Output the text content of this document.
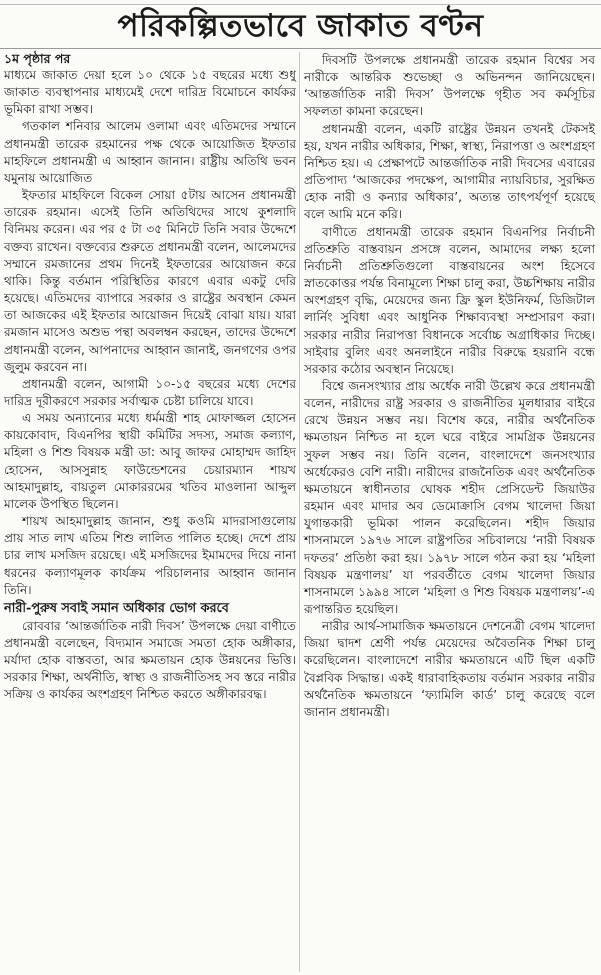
পরিকল্পিতভাবে জাকাত বণ্টন
১ম পৃষ্ঠার পর

মাধ্যমে জাকাত দেয়া হলে ১০ থেকে ১৫ বছরের মধ্যে শুধু জাকাত ব্যবস্থাপনার মাধ্যমেই দেশে দারিদ্র বিমোচনে কার্যকর ভূমিকা রাখা সম্ভব।

গতকাল শনিবার আলেম ওলামা এবং এতিমদের সম্মানে প্রধানমন্ত্রী তারেক রহমানের পক্ষ থেকে আয়োজিত ইফতার মাহফিলে প্রধানমন্ত্রী এ আহ্বান জানান। রাষ্ট্রীয় অতিথি ভবন যমুনায় আয়োজিত

ইফতার মাহফিলে বিকেল সোয়া ৫টায় আসেন প্রধানমন্ত্রী তারেক রহমান। এসেই তিনি অতিথিদের সাথে কুশলাদি বিনিময় করেন। এর পর ৫ টা ৩৫ মিনিটে তিনি সবার উদ্দেশে বক্তব্য রাখেন। বক্তব্যের শুরুতে প্রধানমন্ত্রী বলেন, আলেমদের সম্মানে রমজানের প্রথম দিনেই ইফতারের আয়োজন করে থাকি। কিন্তু বর্তমান পরিস্থিতির কারণে এবার একটু দেরি হয়েছে। এতিমদের ব্যাপারে সরকার ও রাষ্ট্রের অবস্থান কেমন তা আজকের এই ইফতার আয়োজন দিয়েই বোঝা যায়। যারা রমজান মাসেও অশুভ পন্থা অবলম্বন করছেন, তাদের উদ্দেশে প্রধানমন্ত্রী বলেন, আপনাদের আহ্বান জানাই, জনগণের ওপর জুলুম করবেন না।

প্রধানমন্ত্রী বলেন, আগামী ১০-১৫ বছরের মধ্যে দেশের দারিদ্র দূরীকরণে সরকার সর্বাত্মক চেষ্টা চালিয়ে যাবে।

এ সময় অন্যান্যের মধ্যে ধর্মমন্ত্রী শাহ মোফাজ্জল হোসেন কায়কোবাদ, বিএনপির স্থায়ী কমিটির সদস্য, সমাজ কল্যাণ, মহিলা ও শিশু বিষয়ক মন্ত্রী ডা: আবু জাফর মোহাম্মদ জাহিদ হোসেন, আসসুন্নাহ ফাউন্ডেশনের চেয়ারম্যান শায়খ আহমাদুল্লাহ, বায়তুল মোকাররমের খতিব মাওলানা আব্দুল মালেক উপস্থিত ছিলেন।

শায়খ আহমাদুল্লাহ জানান, শুধু কওমি মাদরাসাগুলোয় প্রায় সাত লাখ এতিম শিশু লালিত পালিত হচ্ছে। দেশে প্রায় চার লাখ মসজিদ রয়েছে। এই মসজিদের ইমামদের দিয়ে নানা ধরনের কল্যাণমূলক কার্যক্রম পরিচালনার আহ্বান জানান তিনি।

নারী-পুরুষ সবাই সমান অধিকার ভোগ করবে

রোববার ‘আন্তর্জাতিক নারী দিবস’ উপলক্ষে দেয়া বাণীতে প্রধানমন্ত্রী বলেছেন, বিদ্যমান সমাজে সমতা হোক অঙ্গীকার, মর্যাদা হোক বাস্তবতা, আর ক্ষমতায়ন হোক উন্নয়নের ভিত্তি। সরকার শিক্ষা, অর্থনীতি, স্বাস্থ্য ও রাজনীতিসহ সব স্তরে নারীর সক্রিয় ও কার্যকর অংশগ্রহণ নিশ্চিত করতে অঙ্গীকারবদ্ধ।

দিবসটি উপলক্ষে প্রধানমন্ত্রী তারেক রহমান বিশ্বের সব নারীকে আন্তরিক শুভেচ্ছা ও অভিনন্দন জানিয়েছেন। ‘আন্তর্জাতিক নারী দিবস’ উপলক্ষে গৃহীত সব কর্মসূচির সফলতা কামনা করেছেন।

প্রধানমন্ত্রী বলেন, একটি রাষ্ট্রের উন্নয়ন তখনই টেকসই হয়, যখন নারীর অধিকার, শিক্ষা, স্বাস্থ্য, নিরাপত্তা ও অংশগ্রহণ নিশ্চিত হয়। এ প্রেক্ষাপটে আন্তর্জাতিক নারী দিবসের এবারের প্রতিপাদ্য ‘আজকের পদক্ষেপ, আগামীর ন্যায়বিচার, সুরক্ষিত হোক নারী ও কন্যার অধিকার’, অত্যন্ত তাৎপর্যপূর্ণ হয়েছে বলে আমি মনে করি।

বাণীতে প্রধানমন্ত্রী তারেক রহমান বিএনপির নির্বাচনী প্রতিশ্রুতি বাস্তবায়ন প্রসঙ্গে বলেন, আমাদের লক্ষ্য হলো নির্বাচনী প্রতিশ্রুতিগুলো বাস্তবায়নের অংশ হিসেবে স্নাতকোত্তর পর্যন্ত বিনামূল্যে শিক্ষা চালু করা, উচ্চশিক্ষায় নারীর অংশগ্রহণ বৃদ্ধি, মেয়েদের জন্য ফ্রি স্কুল ইউনিফর্ম, ডিজিটাল লার্নিং সুবিধা এবং আধুনিক শিক্ষাব্যবস্থা সম্প্রসারণ করা। সরকার নারীর নিরাপত্তা বিধানকে সর্বোচ্চ অগ্রাধিকার দিচ্ছে। সাইবার বুলিং এবং অনলাইনে নারীর বিরুদ্ধে হয়রানি বন্ধে সরকার কঠোর অবস্থান নিয়েছে।

বিশ্বে জনসংখ্যার প্রায় অর্ধেক নারী উল্লেখ করে প্রধানমন্ত্রী বলেন, নারীদের রাষ্ট্র সরকার ও রাজনীতির মূলধারার বাইরে রেখে উন্নয়ন সম্ভব নয়। বিশেষ করে, নারীর অর্থনৈতিক ক্ষমতায়ন নিশ্চিত না হলে ঘরে বাইরে সামগ্রিক উন্নয়নের সুফল সম্ভব নয়। তিনি বলেন, বাংলাদেশে জনসংখ্যার অর্ধেকেরও বেশি নারী। নারীদের রাজনৈতিক এবং অর্থনৈতিক ক্ষমতায়নে স্বাধীনতার ঘোষক শহীদ প্রেসিডেন্ট জিয়াউর রহমান এবং মাদার অব ডেমোক্রাসি বেগম খালেদা জিয়া যুগান্তকারী ভূমিকা পালন করেছিলেন। শহীদ জিয়ার শাসনামলে ১৯৭৬ সালে রাষ্ট্রপতির সচিবালয়ে ‘নারী বিষয়ক দফতর’ প্রতিষ্ঠা করা হয়। ১৯৭৮ সালে গঠন করা হয় ‘মহিলা বিষয়ক মন্ত্রণালয়’ যা পরবর্তীতে বেগম খালেদা জিয়ার শাসনামলে ১৯৯৪ সালে ‘মহিলা ও শিশু বিষয়ক মন্ত্রণালয়’-এ রূপান্তরিত হয়েছিল।

নারীর আর্থ-সামাজিক ক্ষমতায়নে দেশনেত্রী বেগম খালেদা জিয়া দ্বাদশ শ্রেণী পর্যন্ত মেয়েদের অবৈতনিক শিক্ষা চালু করেছিলেন। বাংলাদেশে নারীর ক্ষমতায়নে এটি ছিল একটি বৈপ্লবিক সিদ্ধান্ত। একই ধারাবাহিকতায় বর্তমান সরকার নারীর অর্থনৈতিক ক্ষমতায়নে ‘ফ্যামিলি কার্ড’ চালু করেছে বলে জানান প্রধানমন্ত্রী।
